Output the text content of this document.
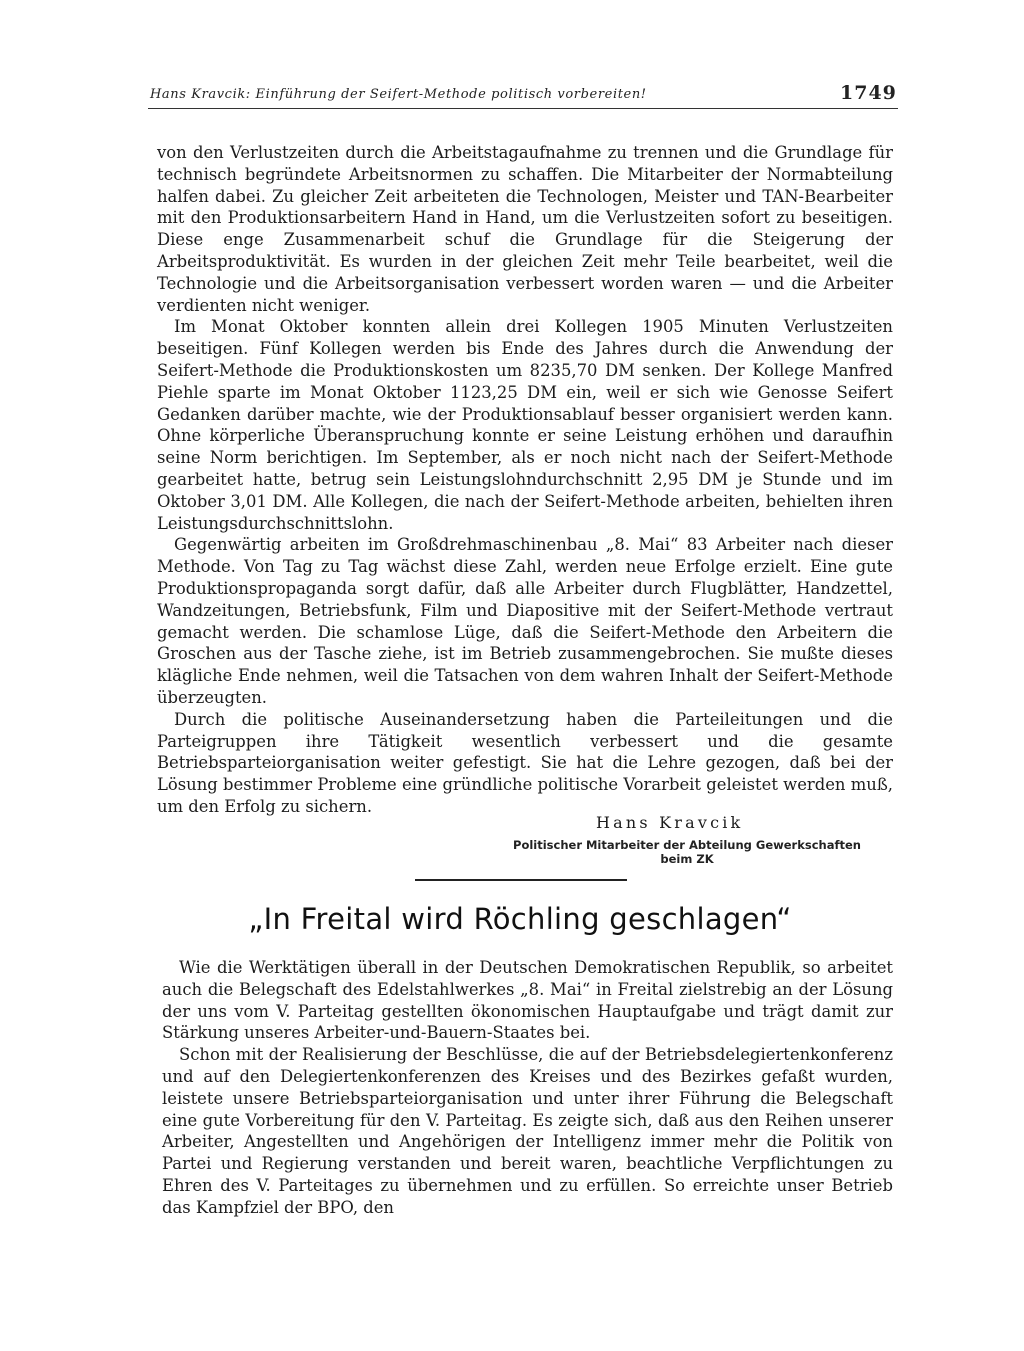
Hans Kravcik: Einführung der Seifert-Methode politisch vorbereiten!	1749

von den Verlustzeiten durch die Arbeitstagaufnahme zu trennen und die Grundlage für technisch begründete Arbeitsnormen zu schaffen. Die Mitarbeiter der Normabteilung halfen dabei. Zu gleicher Zeit arbeiteten die Technologen, Meister und TAN-Bearbeiter mit den Produktionsarbeitern Hand in Hand, um die Verlustzeiten sofort zu beseitigen. Diese enge Zusammenarbeit schuf die Grundlage für die Steigerung der Arbeitsproduktivität. Es wurden in der gleichen Zeit mehr Teile bearbeitet, weil die Technologie und die Arbeitsorganisation verbessert worden waren — und die Arbeiter verdienten nicht weniger.

Im Monat Oktober konnten allein drei Kollegen 1905 Minuten Verlustzeiten beseitigen. Fünf Kollegen werden bis Ende des Jahres durch die Anwendung der Seifert-Methode die Produktionskosten um 8235,70 DM senken. Der Kollege Manfred Piehle sparte im Monat Oktober 1123,25 DM ein, weil er sich wie Genosse Seifert Gedanken darüber machte, wie der Produktionsablauf besser organisiert werden kann. Ohne körperliche Überanspruchung konnte er seine Leistung erhöhen und daraufhin seine Norm berichtigen. Im September, als er noch nicht nach der Seifert-Methode gearbeitet hatte, betrug sein Leistungslohndurchschnitt 2,95 DM je Stunde und im Oktober 3,01 DM. Alle Kollegen, die nach der Seifert-Methode arbeiten, behielten ihren Leistungsdurchschnittslohn.

Gegenwärtig arbeiten im Großdrehmaschinenbau „8. Mai“ 83 Arbeiter nach dieser Methode. Von Tag zu Tag wächst diese Zahl, werden neue Erfolge erzielt. Eine gute Produktionspropaganda sorgt dafür, daß alle Arbeiter durch Flugblätter, Handzettel, Wandzeitungen, Betriebsfunk, Film und Diapositive mit der Seifert-Methode vertraut gemacht werden. Die schamlose Lüge, daß die Seifert-Methode den Arbeitern die Groschen aus der Tasche ziehe, ist im Betrieb zusammengebrochen. Sie mußte dieses klägliche Ende nehmen, weil die Tatsachen von dem wahren Inhalt der Seifert-Methode überzeugten.

Durch die politische Auseinandersetzung haben die Parteileitungen und die Parteigruppen ihre Tätigkeit wesentlich verbessert und die gesamte Betriebsparteiorganisation weiter gefestigt. Sie hat die Lehre gezogen, daß bei der Lösung bestimmer Probleme eine gründliche politische Vorarbeit geleistet werden muß, um den Erfolg zu sichern.

Hans Kravcik
Politischer Mitarbeiter der Abteilung Gewerkschaften
beim ZK
„In Freital wird Röchling geschlagen“

Wie die Werktätigen überall in der Deutschen Demokratischen Republik, so arbeitet auch die Belegschaft des Edelstahlwerkes „8. Mai“ in Freital zielstrebig an der Lösung der uns vom V. Parteitag gestellten ökonomischen Hauptaufgabe und trägt damit zur Stärkung unseres Arbeiter-und-Bauern-Staates bei.

Schon mit der Realisierung der Beschlüsse, die auf der Betriebsdelegiertenkonferenz und auf den Delegiertenkonferenzen des Kreises und des Bezirkes gefaßt wurden, leistete unsere Betriebsparteiorganisation und unter ihrer Führung die Belegschaft eine gute Vorbereitung für den V. Parteitag. Es zeigte sich, daß aus den Reihen unserer Arbeiter, Angestellten und Angehörigen der Intelligenz immer mehr die Politik von Partei und Regierung verstanden und bereit waren, beachtliche Verpflichtungen zu Ehren des V. Parteitages zu übernehmen und zu erfüllen. So erreichte unser Betrieb das Kampfziel der BPO, den
